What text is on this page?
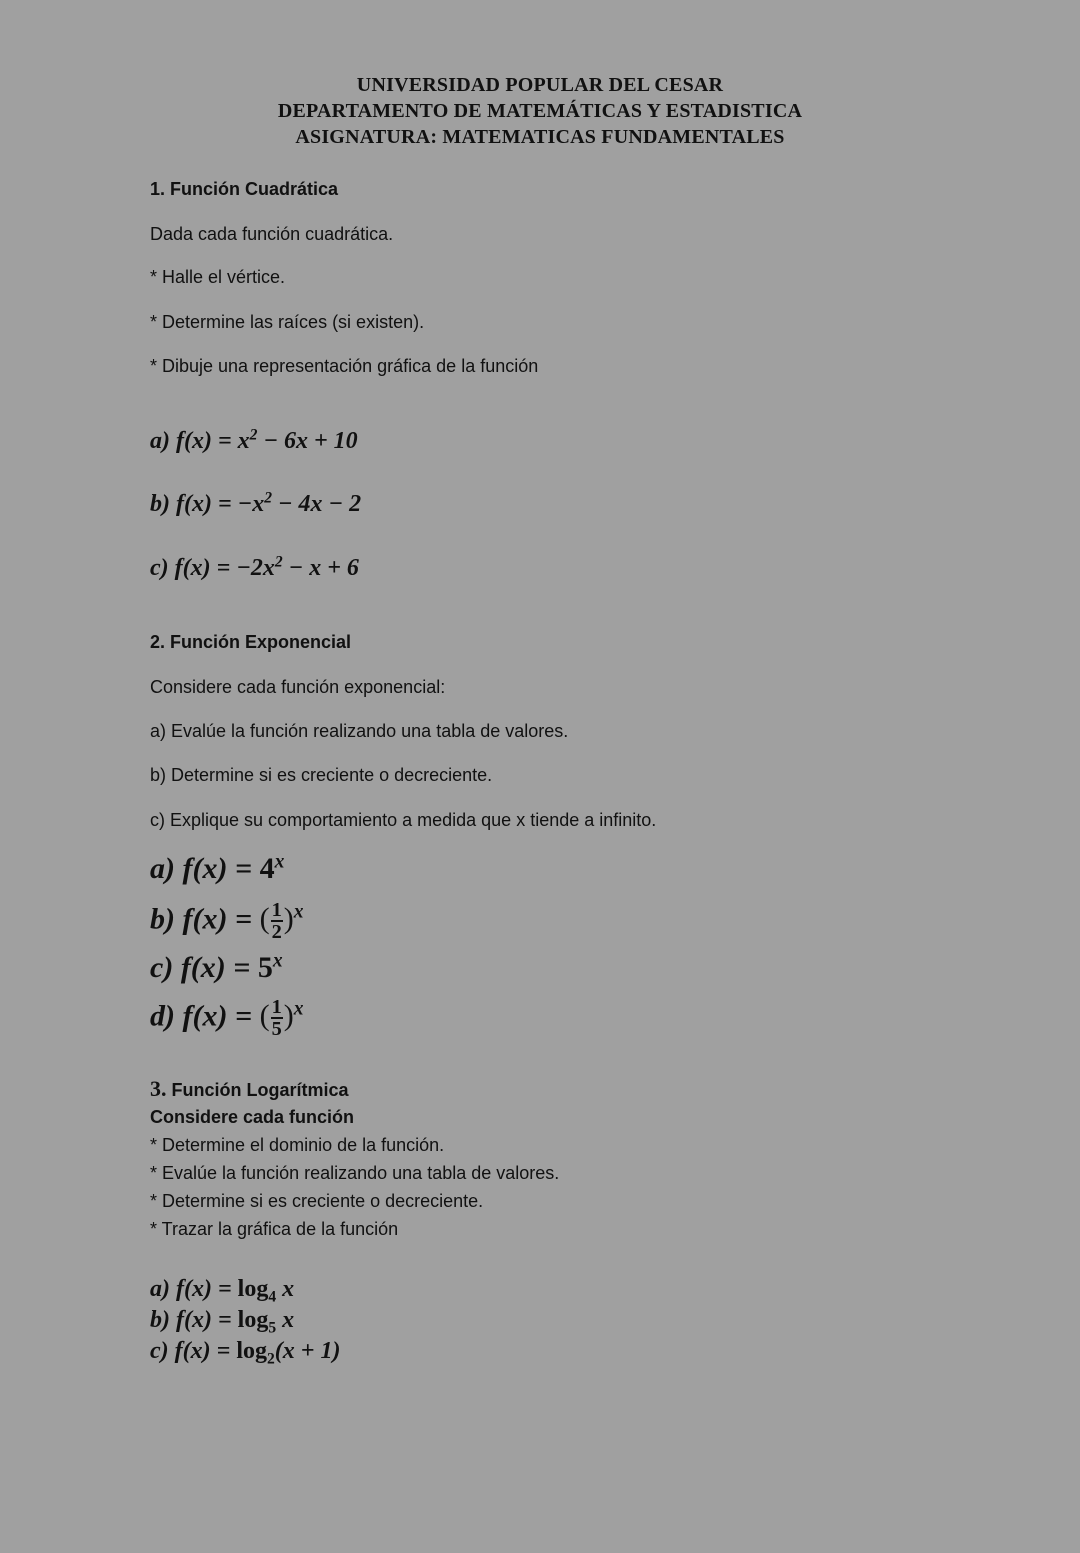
UNIVERSIDAD POPULAR DEL CESAR
DEPARTAMENTO DE MATEMÁTICAS Y ESTADISTICA
ASIGNATURA: MATEMATICAS FUNDAMENTALES
1. Función Cuadrática
Dada cada función cuadrática.
* Halle el vértice.
* Determine las raíces (si existen).
* Dibuje una representación gráfica de la función
a) $f(x) = x^2 - 6x + 10$
b) $f(x) = -x^2 - 4x - 2$
c) $f(x) = -2x^2 - x + 6$
2. Función Exponencial
Considere cada función exponencial:
a) Evalúe la función realizando una tabla de valores.
b) Determine si es creciente o decreciente.
c) Explique su comportamiento a medida que x tiende a infinito.
a) $f(x) = 4^x$
b) f(x) = ( $\frac{1}{2} )^x$
c) $f(x) = 5^x$
d) f(x) = ( $\frac{1}{5} )^x$
3. Función Logarítmica
Considere cada función
* Determine el dominio de la función.
* Evalúe la función realizando una tabla de valores.
* Determine si es creciente o decreciente.
* Trazar la gráfica de la función
a) $f(x) = \log_4 x$
b) $f(x) = \log_5 x$
c) $f(x) = \log_2(x + 1)$
